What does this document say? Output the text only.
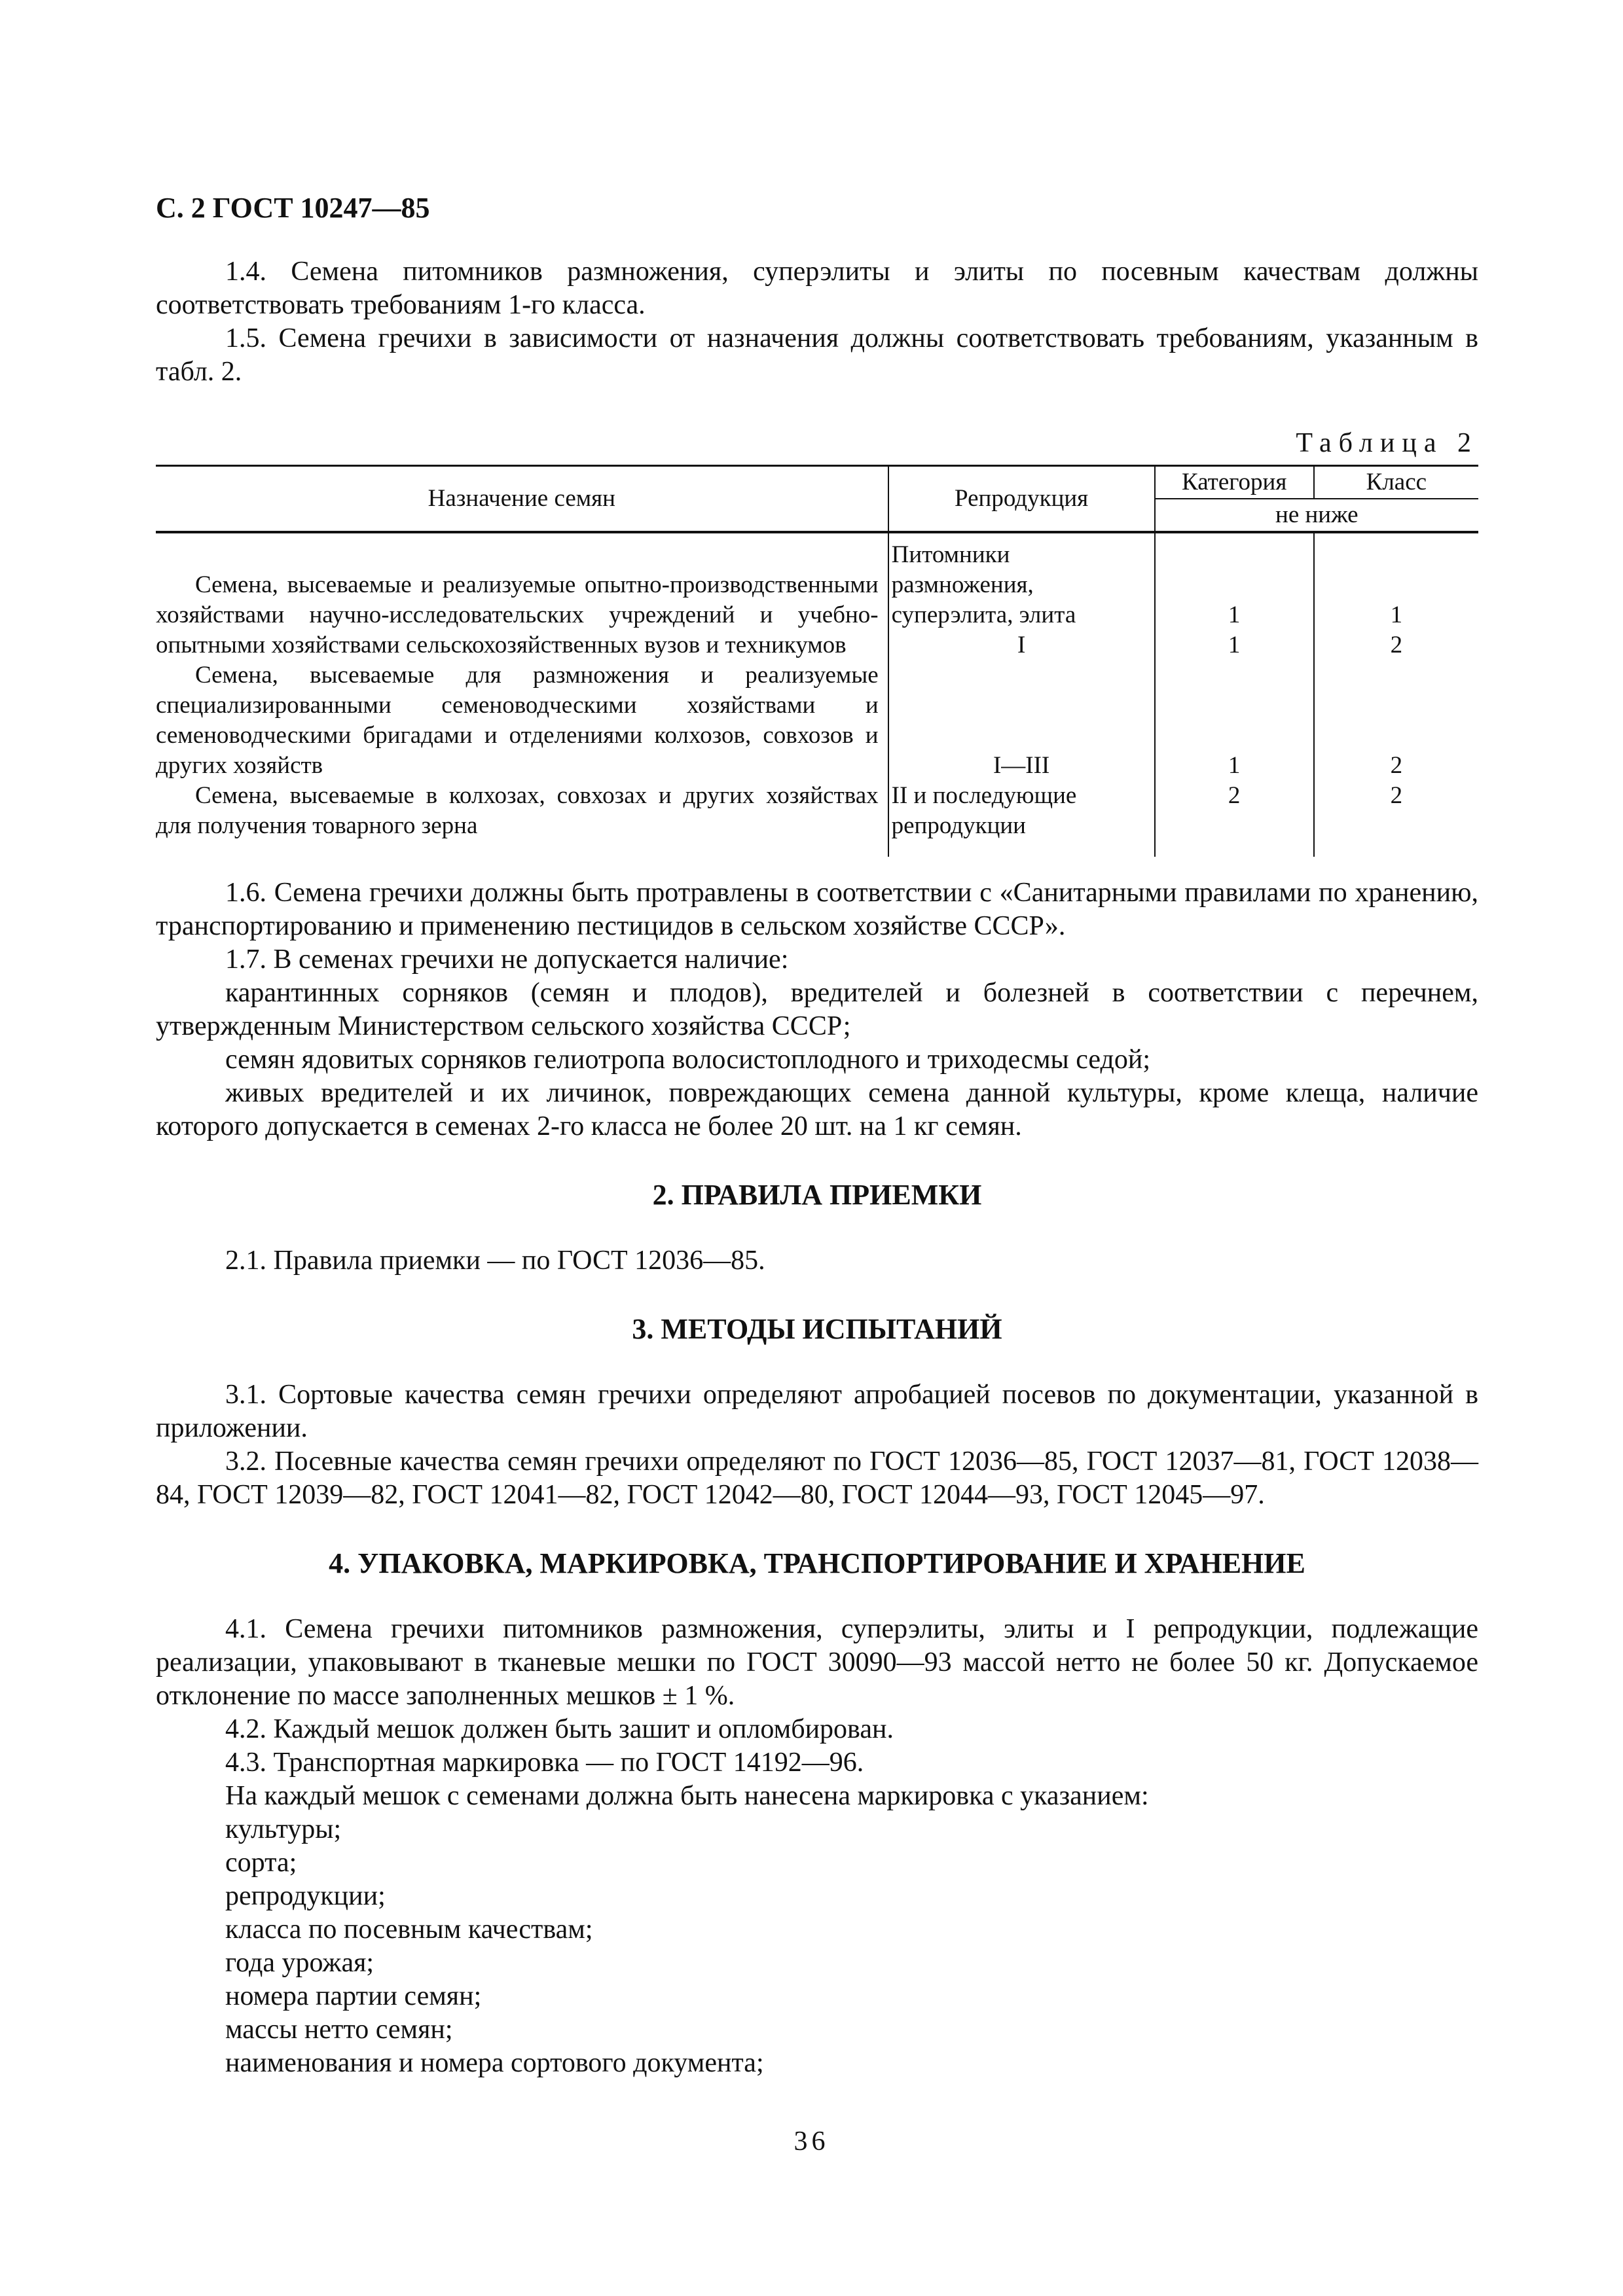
С. 2 ГОСТ 10247—85

1.4. Семена питомников размножения, суперэлиты и элиты по посевным качествам должны соответствовать требованиям 1-го класса.

1.5. Семена гречихи в зависимости от назначения должны соответствовать требованиям, указанным в табл. 2.

Таблица 2
Назначение семян	Репродукция	Категория	Класс
		не ниже	

Семена, высеваемые и реализуемые опытно-производственными хозяйствами научно-исследовательских учреждений и учебно-опытными хозяйствами сельскохозяйственных вузов и техникумов	Питомники размножения, суперэлита, элита	1	1
	I	1	2

Семена, высеваемые для размножения и реализуемые специализированными семеноводческими хозяйствами и семеноводческими бригадами и отделениями колхозов, совхозов и других хозяйств	I—III	1	2

Семена, высеваемые в колхозах, совхозах и других хозяйствах для получения товарного зерна	II и последующие репродукции	2	2

1.6. Семена гречихи должны быть протравлены в соответствии с «Санитарными правилами по хранению, транспортированию и применению пестицидов в сельском хозяйстве СССР».

1.7. В семенах гречихи не допускается наличие:

карантинных сорняков (семян и плодов), вредителей и болезней в соответствии с перечнем, утвержденным Министерством сельского хозяйства СССР;

семян ядовитых сорняков гелиотропа волосистоплодного и триходесмы седой;

живых вредителей и их личинок, повреждающих семена данной культуры, кроме клеща, наличие которого допускается в семенах 2-го класса не более 20 шт. на 1 кг семян.

2. ПРАВИЛА ПРИЕМКИ

2.1. Правила приемки — по ГОСТ 12036—85.

3. МЕТОДЫ ИСПЫТАНИЙ

3.1. Сортовые качества семян гречихи определяют апробацией посевов по документации, указанной в приложении.

3.2. Посевные качества семян гречихи определяют по ГОСТ 12036—85, ГОСТ 12037—81, ГОСТ 12038—84, ГОСТ 12039—82, ГОСТ 12041—82, ГОСТ 12042—80, ГОСТ 12044—93, ГОСТ 12045—97.

4. УПАКОВКА, МАРКИРОВКА, ТРАНСПОРТИРОВАНИЕ И ХРАНЕНИЕ

4.1. Семена гречихи питомников размножения, суперэлиты, элиты и I репродукции, подлежащие реализации, упаковывают в тканевые мешки по ГОСТ 30090—93 массой нетто не более 50 кг. Допускаемое отклонение по массе заполненных мешков ± 1 %.

4.2. Каждый мешок должен быть зашит и опломбирован.

4.3. Транспортная маркировка — по ГОСТ 14192—96.

На каждый мешок с семенами должна быть нанесена маркировка с указанием:

культуры;

сорта;

репродукции;

класса по посевным качествам;

года урожая;

номера партии семян;

массы нетто семян;

наименования и номера сортового документа;

36
